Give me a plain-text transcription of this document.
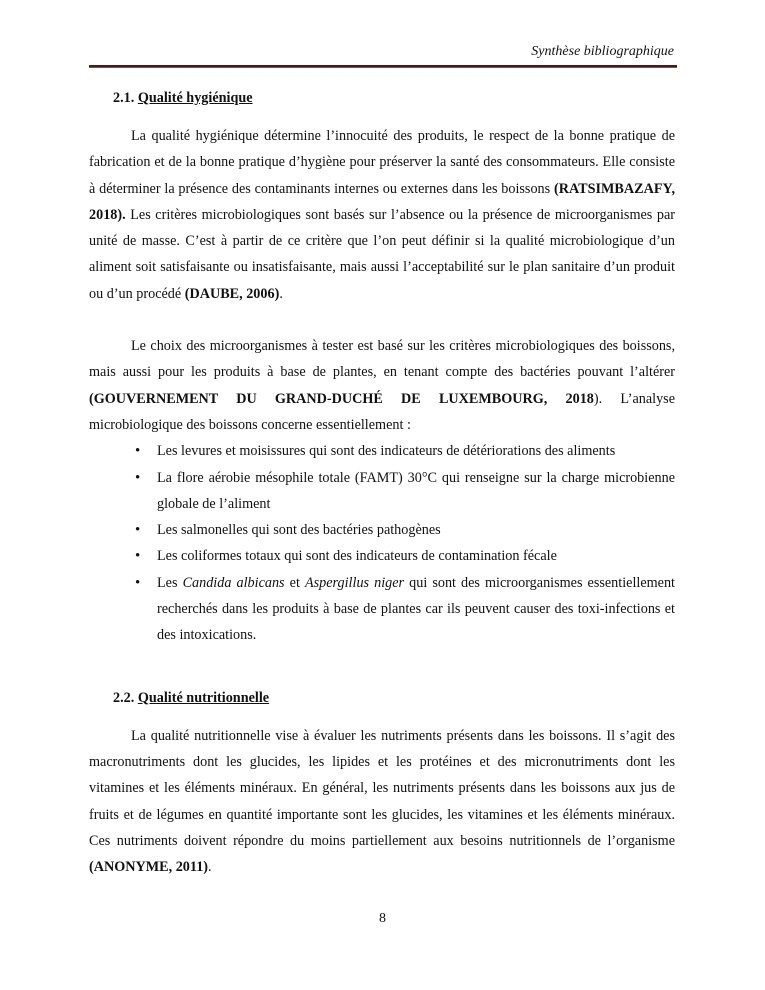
Synthèse bibliographique
2.1. Qualité hygiénique

La qualité hygiénique détermine l’innocuité des produits, le respect de la bonne pratique de fabrication et de la bonne pratique d’hygiène pour préserver la santé des consommateurs. Elle consiste à déterminer la présence des contaminants internes ou externes dans les boissons (RATSIMBAZAFY, 2018). Les critères microbiologiques sont basés sur l’absence ou la présence de microorganismes par unité de masse. C’est à partir de ce critère que l’on peut définir si la qualité microbiologique d’un aliment soit satisfaisante ou insatisfaisante, mais aussi l’acceptabilité sur le plan sanitaire d’un produit ou d’un procédé (DAUBE, 2006).

Le choix des microorganismes à tester est basé sur les critères microbiologiques des boissons, mais aussi pour les produits à base de plantes, en tenant compte des bactéries pouvant l’altérer (GOUVERNEMENT DU GRAND-DUCHÉ DE LUXEMBOURG, 2018). L’analyse microbiologique des boissons concerne essentiellement :

• Les levures et moisissures qui sont des indicateurs de détériorations des aliments
• La flore aérobie mésophile totale (FAMT) 30°C qui renseigne sur la charge microbienne globale de l’aliment
• Les salmonelles qui sont des bactéries pathogènes
• Les coliformes totaux qui sont des indicateurs de contamination fécale
• Les Candida albicans et Aspergillus niger qui sont des microorganismes essentiellement recherchés dans les produits à base de plantes car ils peuvent causer des toxi-infections et des intoxications.
2.2. Qualité nutritionnelle

La qualité nutritionnelle vise à évaluer les nutriments présents dans les boissons. Il s’agit des macronutriments dont les glucides, les lipides et les protéines et des micronutriments dont les vitamines et les éléments minéraux. En général, les nutriments présents dans les boissons aux jus de fruits et de légumes en quantité importante sont les glucides, les vitamines et les éléments minéraux. Ces nutriments doivent répondre du moins partiellement aux besoins nutritionnels de l’organisme (ANONYME, 2011).

8
